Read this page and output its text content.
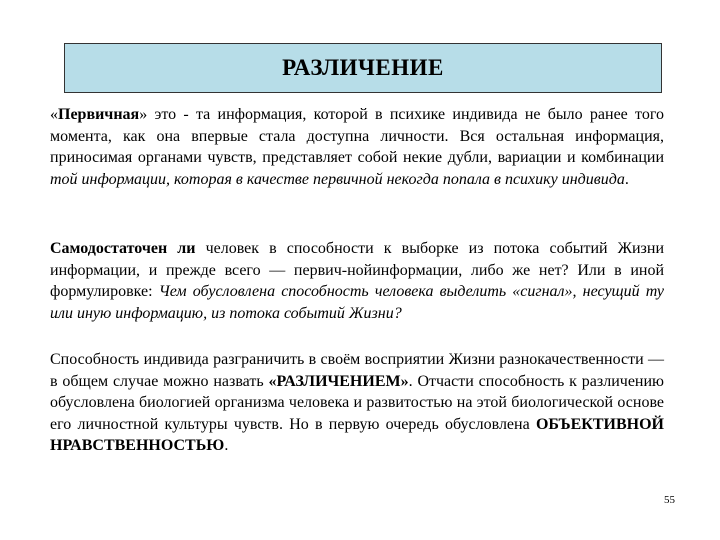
РАЗЛИЧЕНИЕ

«Первичная» это - та информация, которой в психике индивида не было ранее того момента, как она впервые стала доступна личности. Вся остальная информация, приносимая органами чувств, представляет собой некие дубли, вариации и комбинации той информации, которая в качестве первичной некогда попала в психику индивида.

Самодостаточен ли человек в способности к выборке из потока событий Жизни информации, и прежде всего — первич-нойинформации, либо же нет? Или в иной формулировке: Чем обусловлена способность человека выделить «сигнал», несущий ту или иную информацию, из потока событий Жизни?

Способность индивида разграничить в своём восприятии Жизни разнокачественности — в общем случае можно назвать «РАЗЛИЧЕНИЕМ». Отчасти способность к различению обусловлена биологией организма человека и развитостью на этой биологической основе его личностной культуры чувств. Но в первую очередь обусловлена ОБЪЕКТИВНОЙ НРАВСТВЕННОСТЬЮ.

55
